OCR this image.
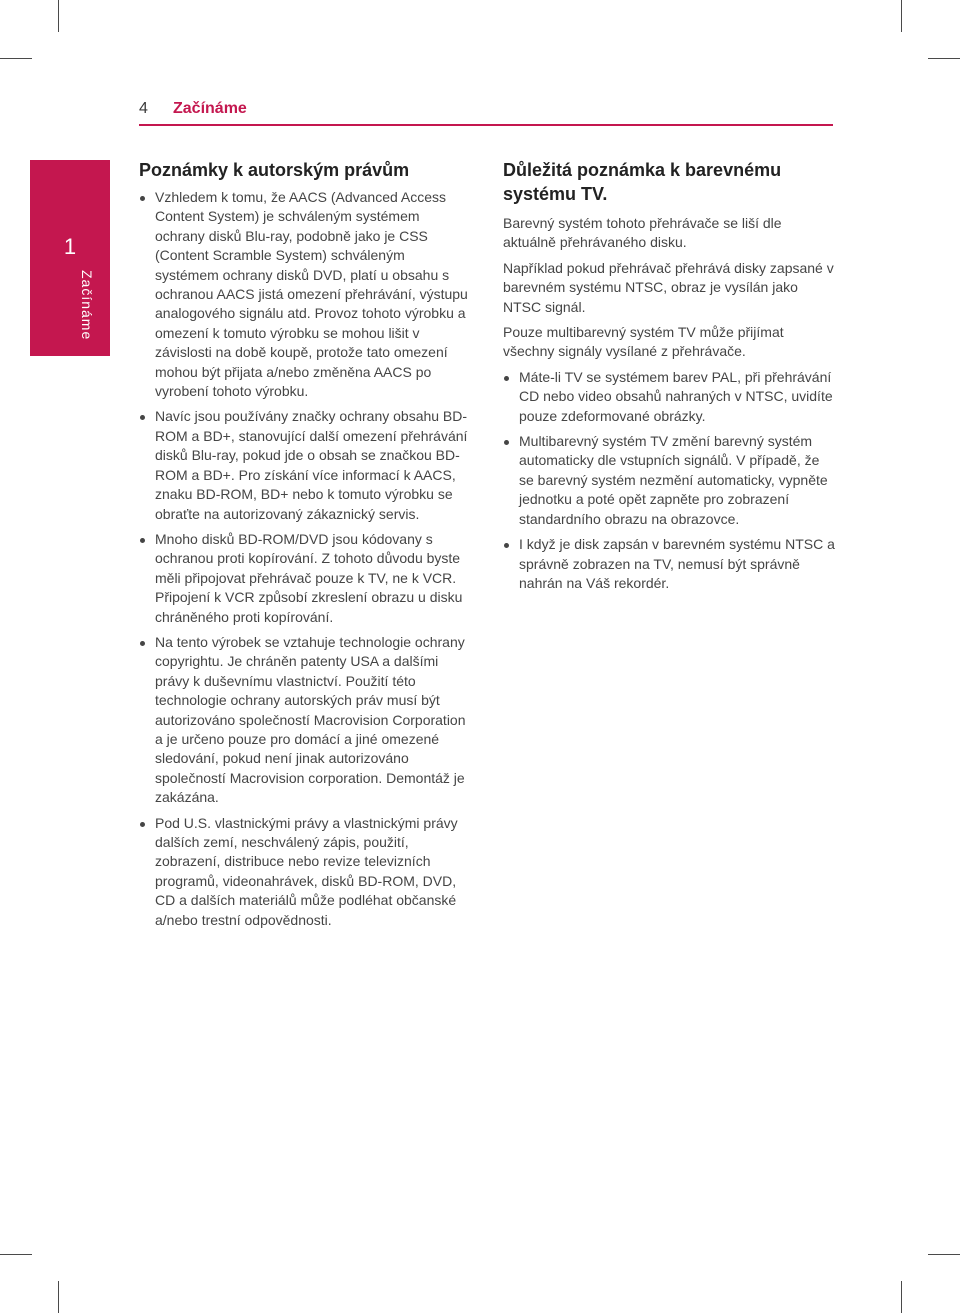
4 Začínáme
1
Začínáme
Poznámky k autorským právům
Vzhledem k tomu, že AACS (Advanced Access Content System) je schváleným systémem ochrany disků Blu-ray, podobně jako je CSS (Content Scramble System) schváleným systémem ochrany disků DVD, platí u obsahu s ochranou AACS jistá omezení přehrávání, výstupu analogového signálu atd. Provoz tohoto výrobku a omezení k tomuto výrobku se mohou lišit v závislosti na době koupě, protože tato omezení mohou být přijata a/nebo změněna AACS po vyrobení tohoto výrobku.
Navíc jsou používány značky ochrany obsahu BD-ROM a BD+, stanovující další omezení přehrávání disků Blu-ray, pokud jde o obsah se značkou BD-ROM a BD+. Pro získání více informací k AACS, znaku BD-ROM, BD+ nebo k tomuto výrobku se obraťte na autorizovaný zákaznický servis.
Mnoho disků BD-ROM/DVD jsou kódovany s ochranou proti kopírování. Z tohoto důvodu byste měli připojovat přehrávač pouze k TV, ne k VCR. Připojení k VCR způsobí zkreslení obrazu u disku chráněného proti kopírování.
Na tento výrobek se vztahuje technologie ochrany copyrightu. Je chráněn patenty USA a dalšími právy k duševnímu vlastnictví. Použití této technologie ochrany autorských práv musí být autorizováno společností Macrovision Corporation a je určeno pouze pro domácí a jiné omezené sledování, pokud není jinak autorizováno společností Macrovision corporation. Demontáž je zakázána.
Pod U.S. vlastnickými právy a vlastnickými právy dalších zemí, neschválený zápis, použití, zobrazení, distribuce nebo revize televizních programů, videonahrávek, disků BD-ROM, DVD, CD a dalších materiálů může podléhat občanské a/nebo trestní odpovědnosti.
Důležitá poznámka k barevnému systému TV.

Barevný systém tohoto přehrávače se liší dle aktuálně přehrávaného disku.

Například pokud přehrávač přehrává disky zapsané v barevném systému NTSC, obraz je vysílán jako NTSC signál.

Pouze multibarevný systém TV může přijímat všechny signály vysílané z přehrávače.

Máte-li TV se systémem barev PAL, při přehrávání CD nebo video obsahů nahraných v NTSC, uvidíte pouze zdeformované obrázky.
Multibarevný systém TV změní barevný systém automaticky dle vstupních signálů. V případě, že se barevný systém nezmění automaticky, vypněte jednotku a poté opět zapněte pro zobrazení standardního obrazu na obrazovce.
I když je disk zapsán v barevném systému NTSC a správně zobrazen na TV, nemusí být správně nahrán na Váš rekordér.
